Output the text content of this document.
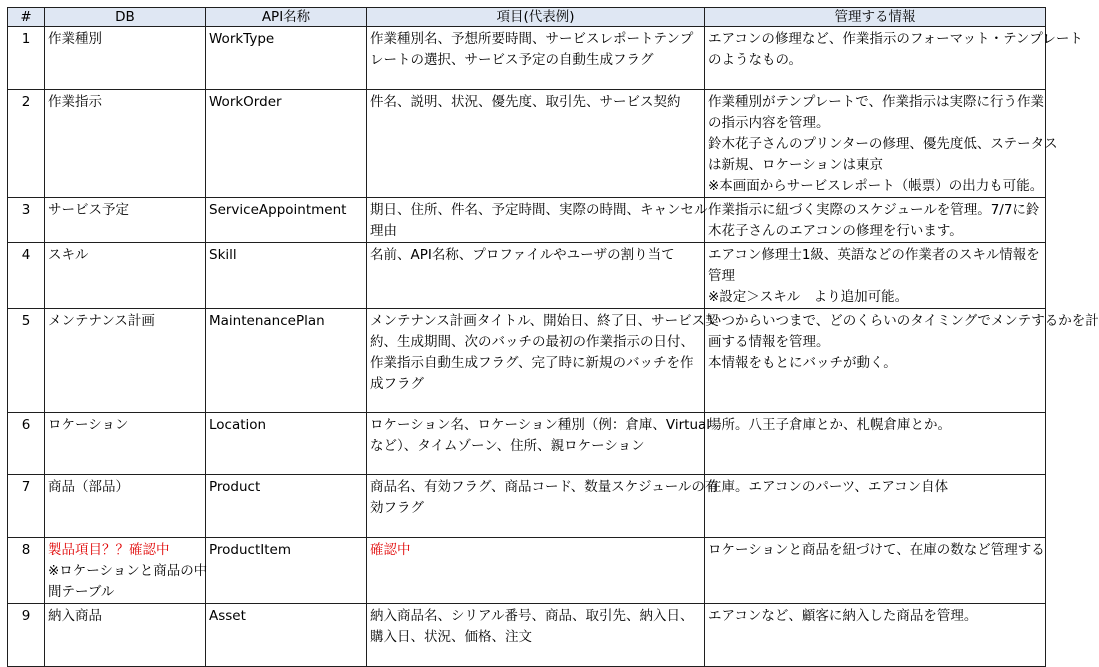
#	DB	API名称	項目(代表例)	管理する情報
1	作業種別	WorkType	作業種別名、予想所要時間、サービスレポートテンプ
レートの選択、サービス予定の自動生成フラグ	エアコンの修理など、作業指示のフォーマット・テンプレート
のようなもの。

2	作業指示	WorkOrder	件名、説明、状況、優先度、取引先、サービス契約	作業種別がテンプレートで、作業指示は実際に行う作業
の指示内容を管理。
鈴木花子さんのプリンターの修理、優先度低、ステータス
は新規、ロケーションは東京
※本画面からサービスレポート（帳票）の出力も可能。

3	サービス予定	ServiceAppointment	期日、住所、件名、予定時間、実際の時間、キャンセル
理由	作業指示に紐づく実際のスケジュールを管理。7/7に鈴
木花子さんのエアコンの修理を行います。

4	スキル	Skill	名前、API名称、プロファイルやユーザの割り当て	エアコン修理士1級、英語などの作業者のスキル情報を
管理
※設定＞スキル　より追加可能。

5	メンテナンス計画	MaintenancePlan	メンテナンス計画タイトル、開始日、終了日、サービス契
約、生成期間、次のバッチの最初の作業指示の日付、
作業指示自動生成フラグ、完了時に新規のバッチを作
成フラグ	いつからいつまで、どのくらいのタイミングでメンテするかを計
画する情報を管理。
本情報をもとにバッチが動く。

6	ロケーション	Location	ロケーション名、ロケーション種別（例：倉庫、Virtual
など）、タイムゾーン、住所、親ロケーション	場所。八王子倉庫とか、札幌倉庫とか。

7	商品（部品）	Product	商品名、有効フラグ、商品コード、数量スケジュールの有
効フラグ	在庫。エアコンのパーツ、エアコン自体

8	製品項目？？確認中
※ロケーションと商品の中
間テーブル	ProductItem	確認中	ロケーションと商品を紐づけて、在庫の数など管理する

9	納入商品	Asset	納入商品名、シリアル番号、商品、取引先、納入日、
購入日、状況、価格、注文	エアコンなど、顧客に納入した商品を管理。
